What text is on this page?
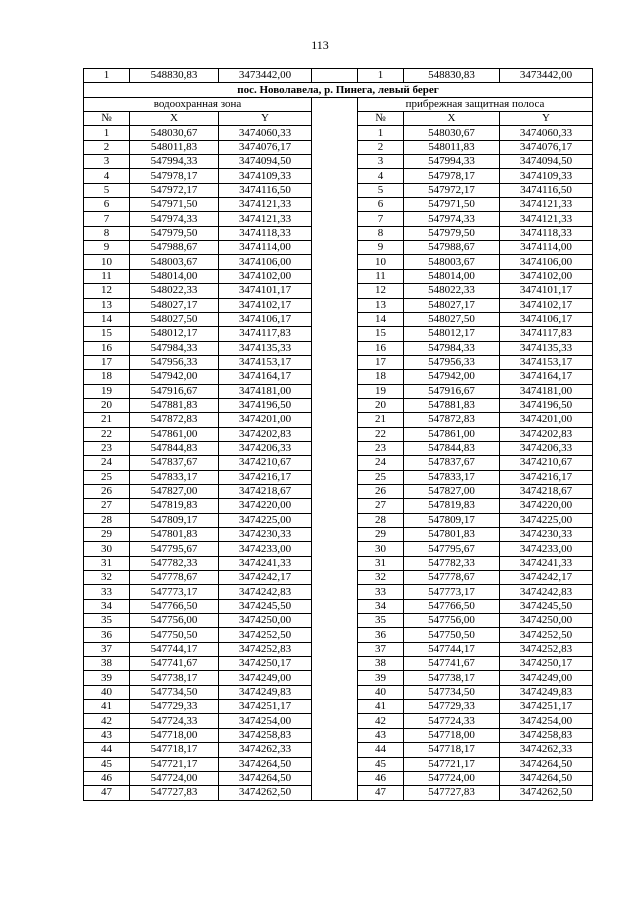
113
1	548830,83	3473442,00		1	548830,83	3473442,00
пос. Новолавела, р. Пинега, левый берег						
водоохранная зона				прибрежная защитная полоса		
№	X	Y		№	X	Y
1	548030,67	3474060,33		1	548030,67	3474060,33
2	548011,83	3474076,17		2	548011,83	3474076,17
3	547994,33	3474094,50		3	547994,33	3474094,50
4	547978,17	3474109,33		4	547978,17	3474109,33
5	547972,17	3474116,50		5	547972,17	3474116,50
6	547971,50	3474121,33		6	547971,50	3474121,33
7	547974,33	3474121,33		7	547974,33	3474121,33
8	547979,50	3474118,33		8	547979,50	3474118,33
9	547988,67	3474114,00		9	547988,67	3474114,00
10	548003,67	3474106,00		10	548003,67	3474106,00
11	548014,00	3474102,00		11	548014,00	3474102,00
12	548022,33	3474101,17		12	548022,33	3474101,17
13	548027,17	3474102,17		13	548027,17	3474102,17
14	548027,50	3474106,17		14	548027,50	3474106,17
15	548012,17	3474117,83		15	548012,17	3474117,83
16	547984,33	3474135,33		16	547984,33	3474135,33
17	547956,33	3474153,17		17	547956,33	3474153,17
18	547942,00	3474164,17		18	547942,00	3474164,17
19	547916,67	3474181,00		19	547916,67	3474181,00
20	547881,83	3474196,50		20	547881,83	3474196,50
21	547872,83	3474201,00		21	547872,83	3474201,00
22	547861,00	3474202,83		22	547861,00	3474202,83
23	547844,83	3474206,33		23	547844,83	3474206,33
24	547837,67	3474210,67		24	547837,67	3474210,67
25	547833,17	3474216,17		25	547833,17	3474216,17
26	547827,00	3474218,67		26	547827,00	3474218,67
27	547819,83	3474220,00		27	547819,83	3474220,00
28	547809,17	3474225,00		28	547809,17	3474225,00
29	547801,83	3474230,33		29	547801,83	3474230,33
30	547795,67	3474233,00		30	547795,67	3474233,00
31	547782,33	3474241,33		31	547782,33	3474241,33
32	547778,67	3474242,17		32	547778,67	3474242,17
33	547773,17	3474242,83		33	547773,17	3474242,83
34	547766,50	3474245,50		34	547766,50	3474245,50
35	547756,00	3474250,00		35	547756,00	3474250,00
36	547750,50	3474252,50		36	547750,50	3474252,50
37	547744,17	3474252,83		37	547744,17	3474252,83
38	547741,67	3474250,17		38	547741,67	3474250,17
39	547738,17	3474249,00		39	547738,17	3474249,00
40	547734,50	3474249,83		40	547734,50	3474249,83
41	547729,33	3474251,17		41	547729,33	3474251,17
42	547724,33	3474254,00		42	547724,33	3474254,00
43	547718,00	3474258,83		43	547718,00	3474258,83
44	547718,17	3474262,33		44	547718,17	3474262,33
45	547721,17	3474264,50		45	547721,17	3474264,50
46	547724,00	3474264,50		46	547724,00	3474264,50
47	547727,83	3474262,50		47	547727,83	3474262,50
